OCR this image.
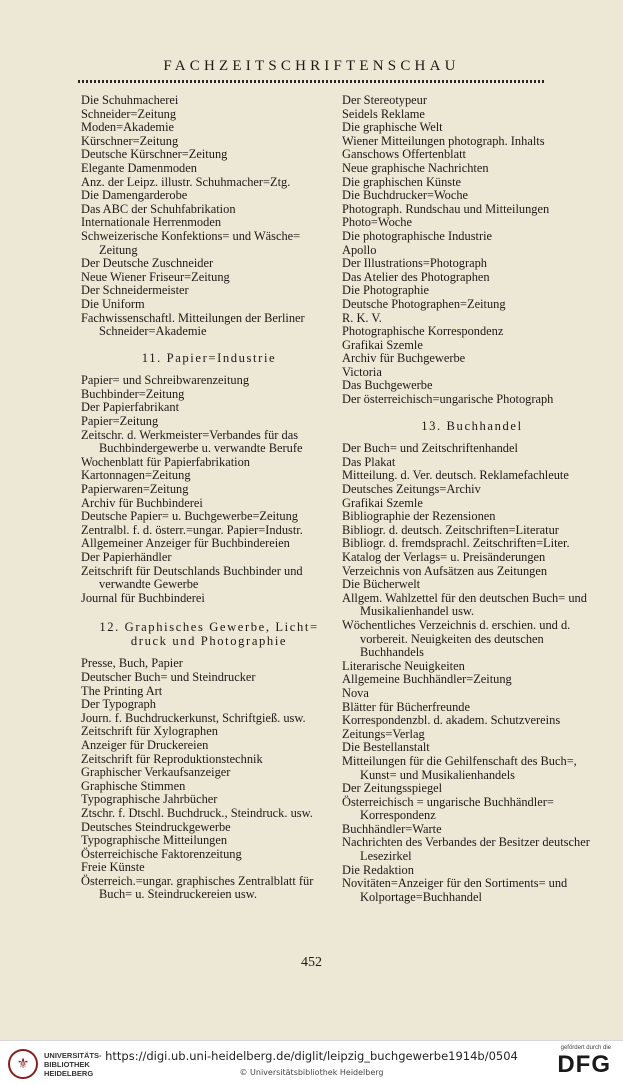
FACHZEITSCHRIFTENSCHAU
Die Schuhmacherei
Schneider=Zeitung
Moden=Akademie
Kürschner=Zeitung
Deutsche Kürschner=Zeitung
Elegante Damenmoden
Anz. der Leipz. illustr. Schuhmacher=Ztg.
Die Damengarderobe
Das ABC der Schuhfabrikation
Internationale Herrenmoden
Schweizerische Konfektions= und Wäsche= Zeitung
Der Deutsche Zuschneider
Neue Wiener Friseur=Zeitung
Der Schneidermeister
Die Uniform
Fachwissenschaftl. Mitteilungen der Berliner Schneider=Akademie
11. Papier=Industrie
Papier= und Schreibwarenzeitung
Buchbinder=Zeitung
Der Papierfabrikant
Papier=Zeitung
Zeitschr. d. Werkmeister=Verbandes für das Buchbindergewerbe u. verwandte Berufe
Wochenblatt für Papierfabrikation
Kartonnagen=Zeitung
Papierwaren=Zeitung
Archiv für Buchbinderei
Deutsche Papier= u. Buchgewerbe=Zeitung
Zentralbl. f. d. österr.=ungar. Papier=Industr.
Allgemeiner Anzeiger für Buchbindereien
Der Papierhändler
Zeitschrift für Deutschlands Buchbinder und verwandte Gewerbe
Journal für Buchbinderei
12. Graphisches Gewerbe, Licht=
druck und Photographie
Presse, Buch, Papier
Deutscher Buch= und Steindrucker
The Printing Art
Der Typograph
Journ. f. Buchdruckerkunst, Schriftgieß. usw.
Zeitschrift für Xylographen
Anzeiger für Druckereien
Zeitschrift für Reproduktionstechnik
Graphischer Verkaufsanzeiger
Graphische Stimmen
Typographische Jahrbücher
Ztschr. f. Dtschl. Buchdruck., Steindruck. usw.
Deutsches Steindruckgewerbe
Typographische Mitteilungen
Österreichische Faktorenzeitung
Freie Künste
Österreich.=ungar. graphisches Zentralblatt für Buch= u. Steindruckereien usw.
Der Stereotypeur
Seidels Reklame
Die graphische Welt
Wiener Mitteilungen photograph. Inhalts
Ganschows Offertenblatt
Neue graphische Nachrichten
Die graphischen Künste
Die Buchdrucker=Woche
Photograph. Rundschau und Mitteilungen
Photo=Woche
Die photographische Industrie
Apollo
Der Illustrations=Photograph
Das Atelier des Photographen
Die Photographie
Deutsche Photographen=Zeitung
R. K. V.
Photographische Korrespondenz
Grafikai Szemle
Archiv für Buchgewerbe
Victoria
Das Buchgewerbe
Der österreichisch=ungarische Photograph
13. Buchhandel
Der Buch= und Zeitschriftenhandel
Das Plakat
Mitteilung. d. Ver. deutsch. Reklamefachleute
Deutsches Zeitungs=Archiv
Grafikai Szemle
Bibliographie der Rezensionen
Bibliogr. d. deutsch. Zeitschriften=Literatur
Bibliogr. d. fremdsprachl. Zeitschriften=Liter.
Katalog der Verlags= u. Preisänderungen
Verzeichnis von Aufsätzen aus Zeitungen
Die Bücherwelt
Allgem. Wahlzettel für den deutschen Buch= und Musikalienhandel usw.
Wöchentliches Verzeichnis d. erschien. und d. vorbereit. Neuigkeiten des deutschen Buchhandels
Literarische Neuigkeiten
Allgemeine Buchhändler=Zeitung
Nova
Blätter für Bücherfreunde
Korrespondenzbl. d. akadem. Schutzvereins
Zeitungs=Verlag
Die Bestellanstalt
Mitteilungen für die Gehilfenschaft des Buch=, Kunst= und Musikalienhandels
Der Zeitungsspiegel
Österreichisch = ungarische Buchhändler= Korrespondenz
Buchhändler=Warte
Nachrichten des Verbandes der Besitzer deutscher Lesezirkel
Die Redaktion
Novitäten=Anzeiger für den Sortiments= und Kolportage=Buchhandel
452
⚜
UNIVERSITÄTS-
BIBLIOTHEK
HEIDELBERG
https://digi.ub.uni-heidelberg.de/diglit/leipzig_buchgewerbe1914b/0504
© Universitätsbibliothek Heidelberg
gefördert durch die
DFG
